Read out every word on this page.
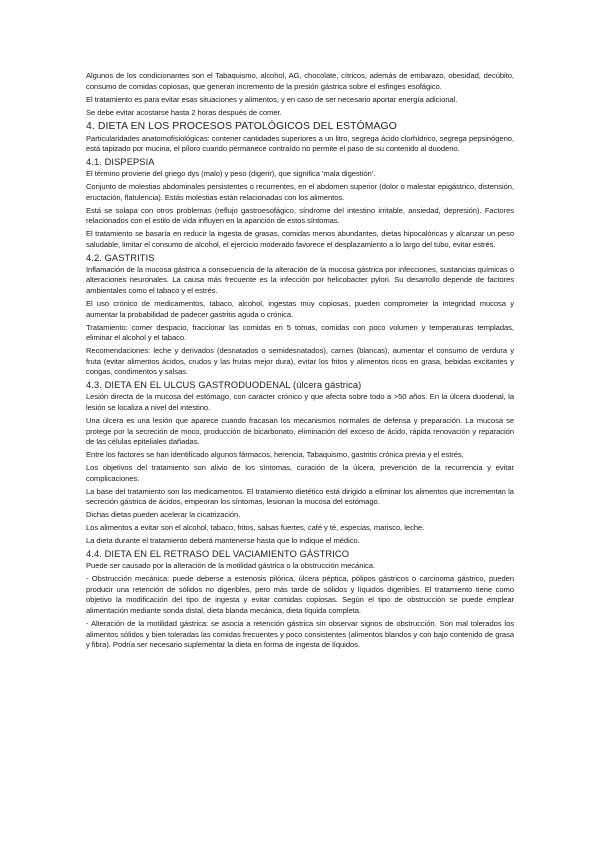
Algunos de los condicionantes son el Tabaquismo, alcohol, AG, chocolate, cítricos, además de embarazo, obesidad, decúbito, consumo de comidas copiosas, que generan incremento de la presión gástrica sobre el esfinges esofágico.

El tratamiento es para evitar esas situaciones y alimentos, y en caso de ser necesario aportar energía adicional.

Se debe evitar acostarse hasta 2 horas después de comer.

4. DIETA EN LOS PROCESOS PATOLÓGICOS DEL ESTÓMAGO

Particularidades anatomofisiológicas: contener cantidades superiores a un litro, segrega ácido clorhídrico, segrega pepsinógeno, está tapizado por mucina, el píloro cuando permanece contraído no permite el paso de su contenido al duodeno.

4.1. DISPEPSIA

El término proviene del griego dys (malo) y peso (digerir), que significa 'mala digestión'.

Conjunto de molestias abdominales persistentes o recurrentes, en el abdomen superior (dolor o malestar epigástrico, distensión, eructación, flatulencia). Estás molestias están relacionadas con los alimentos.

Está se solapa con otros problemas (reflujo gastroesofágico, síndrome del intestino irritable, ansiedad, depresión). Factores relacionados con el estilo de vida influyen en la aparición de estos síntomas.

El tratamiento se basaría en reducir la ingesta de grasas, comidas menos abundantes, dietas hipocalóricas y alcanzar un peso saludable, limitar el consumo de alcohol, el ejercicio moderado favorece el desplazamiento a lo largo del tubo, evitar estrés.

4.2. GASTRITIS

Inflamación de la mucosa gástrica a consecuencia de la alteración de la mucosa gástrica por infecciones, sustancias químicas o alteraciones neuronales. La causa más frecuente es la infección por helicobacter pylori. Su desarrollo depende de factores ambientales como el tabaco y el estrés.

El uso crónico de medicamentos, tabaco, alcohol, ingestas muy copiosas, pueden comprometer la integridad mucosa y aumentar la probabilidad de padecer gastritis aguda o crónica.

Tratamiento: comer despacio, fraccionar las comidas en 5 tomas, comidas con poco volumen y temperaturas templadas, eliminar el alcohol y el tabaco.

Recomendaciones: leche y derivados (desnatados o semidesnatados), carnes (blancas), aumentar el consumo de verdura y fruta (evitar alimentos ácidos, crudos y las frutas mejor dura), evitar los fritos y alimentos ricos en grasa, bebidas excitantes y congas, condimentos y salsas.

4.3. DIETA EN EL ULCUS GASTRODUODENAL (úlcera gástrica)

Lesión directa de la mucosa del estómago, con carácter crónico y que afecta sobre todo a >50 años. En la úlcera duodenal, la lesión se localiza a nivel del intestino.

Una úlcera es una lesión que aparece cuando fracasan los mecanismos normales de defensa y preparación. La mucosa se protege por la secreción de moco, producción de bicarbonato, eliminación del exceso de ácido, rápida renovación y reparación de las células epiteliales dañadas.

Entre los factores se han identificado algunos fármacos, herencia, Tabaquismo, gastritis crónica previa y el estrés,

Los objetivos del tratamiento son alivio de los síntomas, curación de la úlcera, prevención de la recurrencia y evitar complicaciones.

La base del tratamiento son los medicamentos. El tratamiento dietético está dirigido a eliminar los alimentos que incrementan la secreción gástrica de ácidos, empeoran los síntomas, lesionan la mucosa del estómago.

Dichas dietas pueden acelerar la cicatrización.

Los alimentos a evitar son el alcohol, tabaco, fritos, salsas fuertes, café y té, especias, marisco, leche.

La dieta durante el tratamiento deberá mantenerse hasta que lo indique el médico.

4.4. DIETA EN EL RETRASO DEL VACIAMIENTO GÁSTRICO

Puede ser causado por la alteración de la motilidad gástrica o la obstrucción mecánica.

- Obstrucción mecánica: puede deberse a estenosis pilórica, úlcera péptica, pólipos gástricos o carcinoma gástrico, pueden producir una retención de sólidos no digeribles, pero más tarde de sólidos y líquidos digeribles. El tratamiento tiene como objetivo la modificación del tipo de ingesta y evitar comidas copiosas. Según el tipo de obstrucción se puede emplear alimentación mediante sonda distal, dieta blanda mecánica, dieta líquida completa.

- Alteración de la motilidad gástrica: se asocia a retención gástrica sin observar signos de obstrucción. Son mal tolerados los alimentos sólidos y bien toleradas las comidas frecuentes y poco consistentes (alimentos blandos y con bajo contenido de grasa y fibra). Podría ser necesario suplementar la dieta en forma de ingesta de líquidos.
